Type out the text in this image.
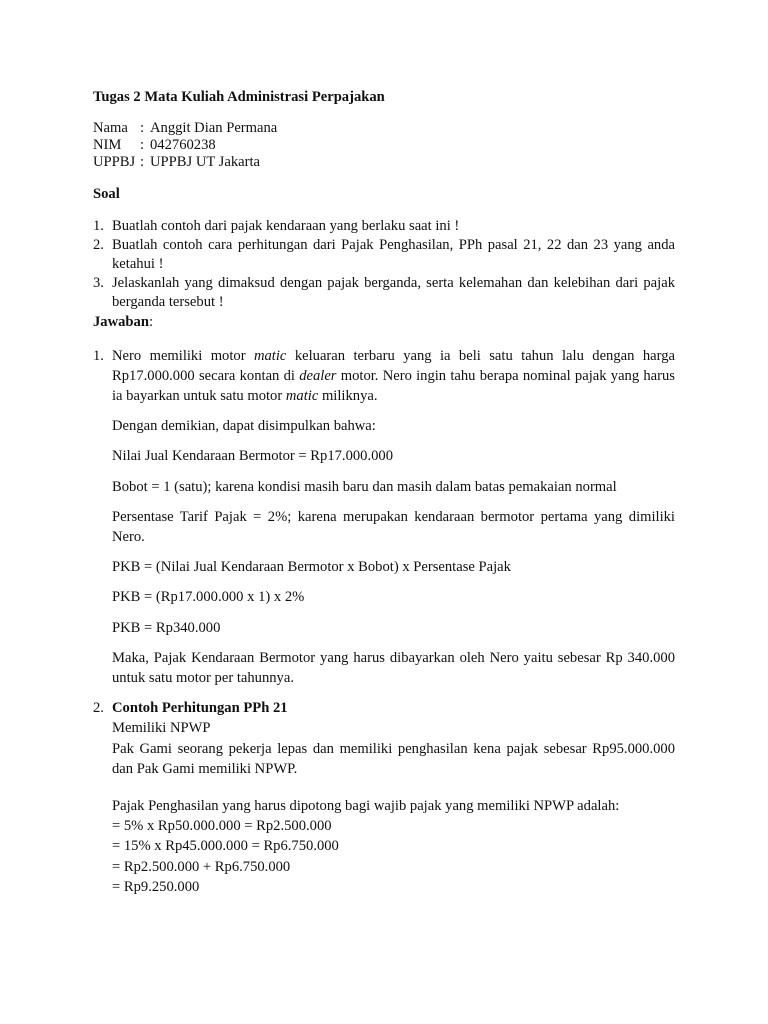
Tugas 2 Mata Kuliah Administrasi Perpajakan
Nama : Anggit Dian Permana
NIM	: 042760238
UPPBJ : UPPBJ UT Jakarta
Soal
1. Buatlah contoh dari pajak kendaraan yang berlaku saat ini !
2. Buatlah contoh cara perhitungan dari Pajak Penghasilan, PPh pasal 21, 22 dan 23 yang anda ketahui !
3. Jelaskanlah yang dimaksud dengan pajak berganda, serta kelemahan dan kelebihan dari pajak berganda tersebut !
Jawaban:
1. Nero memiliki motor matic keluaran terbaru yang ia beli satu tahun lalu dengan harga Rp17.000.000 secara kontan di dealer motor. Nero ingin tahu berapa nominal pajak yang harus ia bayarkan untuk satu motor matic miliknya.

Dengan demikian, dapat disimpulkan bahwa:

Nilai Jual Kendaraan Bermotor = Rp17.000.000

Bobot = 1 (satu); karena kondisi masih baru dan masih dalam batas pemakaian normal

Persentase Tarif Pajak = 2%; karena merupakan kendaraan bermotor pertama yang dimiliki Nero.

PKB = (Nilai Jual Kendaraan Bermotor x Bobot) x Persentase Pajak

PKB = (Rp17.000.000 x 1) x 2%

PKB = Rp340.000

Maka, Pajak Kendaraan Bermotor yang harus dibayarkan oleh Nero yaitu sebesar Rp 340.000 untuk satu motor per tahunnya.

2. Contoh Perhitungan PPh 21

Memiliki NPWP

Pak Gami seorang pekerja lepas dan memiliki penghasilan kena pajak sebesar Rp95.000.000 dan Pak Gami memiliki NPWP.

Pajak Penghasilan yang harus dipotong bagi wajib pajak yang memiliki NPWP adalah:

= 5% x Rp50.000.000 = Rp2.500.000

= 15% x Rp45.000.000 = Rp6.750.000

= Rp2.500.000 + Rp6.750.000

= Rp9.250.000
